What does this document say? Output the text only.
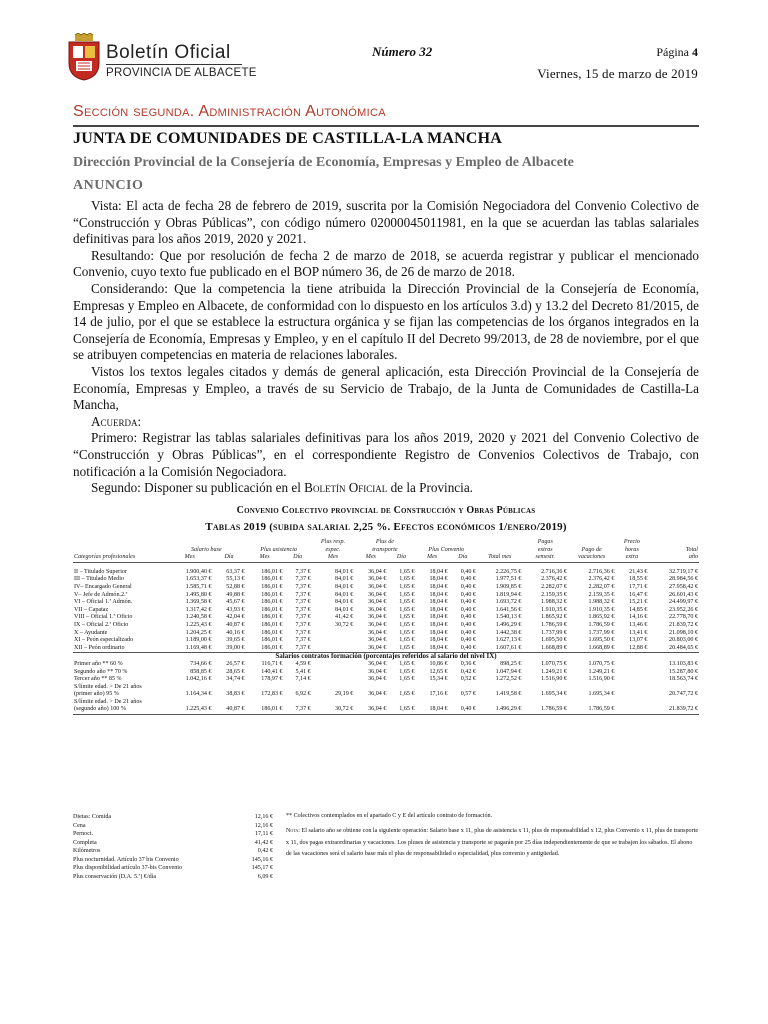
Boletín Oficial
PROVINCIA DE ALBACETE
Número 32	Página 4
Viernes, 15 de marzo de 2019
Sección segunda. Administración Autonómica
JUNTA DE COMUNIDADES DE CASTILLA-LA MANCHA
Dirección Provincial de la Consejería de Economía, Empresas y Empleo de Albacete
ANUNCIO

Vista: El acta de fecha 28 de febrero de 2019, suscrita por la Comisión Negociadora del Convenio Colectivo de “Construcción y Obras Públicas”, con código número 02000045011981, en la que se acuerdan las tablas salariales definitivas para los años 2019, 2020 y 2021.

Resultando: Que por resolución de fecha 2 de marzo de 2018, se acuerda registrar y publicar el mencionado Convenio, cuyo texto fue publicado en el BOP número 36, de 26 de marzo de 2018.

Considerando: Que la competencia la tiene atribuida la Dirección Provincial de la Consejería de Economía, Empresas y Empleo en Albacete, de conformidad con lo dispuesto en los artículos 3.d) y 13.2 del Decreto 81/2015, de 14 de julio, por el que se establece la estructura orgánica y se fijan las competencias de los órganos integrados en la Consejería de Economía, Empresas y Empleo, y en el capítulo II del Decreto 99/2013, de 28 de noviembre, por el que se atribuyen competencias en materia de relaciones laborales.

Vistos los textos legales citados y demás de general aplicación, esta Dirección Provincial de la Consejería de Economía, Empresas y Empleo, a través de su Servicio de Trabajo, de la Junta de Comunidades de Castilla-La Mancha,

Acuerda:

Primero: Registrar las tablas salariales definitivas para los años 2019, 2020 y 2021 del Convenio Colectivo de “Construcción y Obras Públicas”, en el correspondiente Registro de Convenios Colectivos de Trabajo, con notificación a la Comisión Negociadora.

Segundo: Disponer su publicación en el Boletín Oficial de la Provincia.

Convenio Colectivo provincial de Construcción y Obras Públicas
Tablas 2019 (subida salarial 2,25 %. Efectos económicos 1/enero/2019)
					Plus resp.	Plus de					Pagas		Precio	
	Salario base		Plus asistencia		espec.	transporte		Plus Convenio			extras	Pago de	horas	Total
Categorías profesionales	Mes	Día	Mes	Día	Mes	Mes	Día	Mes	Día	Total mes	semestr.	vacaciones	extra	año

II – Titulado Superior	1.900,40 €	63,37 €	186,01 €	7,37 €	84,01 €	36,04 €	1,65 €	18,04 €	0,40 €	2.226,75 €	2.716,36 €	2.716,36 €	21,43 €	32.719,17 €
III – Titulado Medio	1.653,37 €	55,13 €	186,01 €	7,37 €	84,01 €	36,04 €	1,65 €	18,04 €	0,40 €	1.977,51 €	2.376,42 €	2.376,42 €	18,55 €	28.984,56 €
IV– Encargado General	1.585,71 €	52,88 €	186,01 €	7,37 €	84,01 €	36,04 €	1,65 €	18,04 €	0,40 €	1.909,85 €	2.282,07 €	2.282,07 €	17,71 €	27.958,42 €
V– Jefe de Admón.2.ª	1.495,80 €	49,88 €	186,01 €	7,37 €	84,01 €	36,04 €	1,65 €	18,04 €	0,40 €	1.819,94 €	2.159,35 €	2.159,35 €	16,47 €	26.601,43 €
VI – Oficial 1.ª Admón.	1.369,58 €	45,67 €	186,01 €	7,37 €	84,01 €	36,04 €	1,65 €	18,04 €	0,40 €	1.693,72 €	1.988,32 €	1.988,32 €	15,21 €	24.499,97 €
VII – Capataz	1.317,42 €	43,93 €	186,01 €	7,37 €	84,01 €	36,04 €	1,65 €	18,04 €	0,40 €	1.641,56 €	1.910,35 €	1.910,35 €	14,85 €	23.952,26 €
VIII – Oficial 1.ª Oficio	1.240,58 €	42,04 €	186,01 €	7,37 €	41,42 €	36,04 €	1,65 €	18,04 €	0,40 €	1.540,13 €	1.865,92 €	1.865,92 €	14,16 €	22.778,70 €
IX – Oficial 2.ª Oficio	1.225,43 €	40,87 €	186,01 €	7,37 €	30,72 €	36,04 €	1,65 €	18,04 €	0,40 €	1.496,29 €	1.786,59 €	1.786,59 €	13,46 €	21.839,72 €
X – Ayudante	1.204,25 €	40,16 €	186,01 €	7,37 €		36,04 €	1,65 €	18,04 €	0,40 €	1.442,38 €	1.737,99 €	1.737,99 €	13,41 €	21.098,10 €
XI – Peón especializado	1.189,00 €	39,65 €	186,01 €	7,37 €		36,04 €	1,65 €	18,04 €	0,40 €	1.627,13 €	1.695,50 €	1.695,50 €	13,07 €	20.803,00 €
XII – Peón ordinario	1.169,48 €	39,00 €	186,01 €	7,37 €		36,04 €	1,65 €	18,04 €	0,40 €	1.607,61 €	1.668,89 €	1.668,89 €	12,88 €	20.484,65 €
Salarios contratos formación (porcentajes referidos al salario del nivel IX)														
Primer año ** 60 %	734,66 €	26,57 €	116,71 €	4,59 €		36,04 €	1,65 €	10,86 €	0,36 €	898,25 €	1.070,75 €	1.070,75 €		13.103,83 €
Segundo año ** 70 %	858,85 €	28,65 €	140,41 €	5,41 €		36,04 €	1,65 €	12,65 €	0,42 €	1.047,94 €	1.249,21 €	1.249,21 €		15.287,80 €
Tercer año ** 85 %	1.042,16 €	34,74 €	178,97 €	7,14 €		36,04 €	1,65 €	15,34 €	0,52 €	1.272,52 €	1.516,90 €	1.516,90 €		18.563,74 €
S/límite edad. > De 21 años														
(primer año) 95 %	1.164,34 €	38,83 €	172,83 €	6,92 €	29,19 €	36,04 €	1,65 €	17,16 €	0,57 €	1.419,58 €	1.695,34 €	1.695,34 €		20.747,72 €
S/límite edad. > De 21 años														
(segundo año) 100 %	1.225,43 €	40,87 €	186,01 €	7,37 €	30,72 €	36,04 €	1,65 €	18,04 €	0,40 €	1.496,29 €	1.786,59 €	1.786,59 €		21.839,72 €
Dietas: Comida	12,16 €
Cena	12,16 €
Pernoct.	17,11 €
Completa	41,42 €
Kilómetros	0,42 €
Plus nocturnidad. Artículo 37 bis Convenio	145,16 €
Plus disponibilidad artículo 37-bis Convenio	145,17 €
Plus conservación (D.A. 5.ª) €/día	6,09 €

** Colectivos contemplados en el apartado C y E del artículo contrato de formación.

Nota: El salario año se obtiene con la siguiente operación: Salario base x 11, plus de asistencia x 11, plus de responsabilidad x 12, plus Convenio x 11, plus de transporte x 11, dos pagas extraordinarias y vacaciones. Los pluses de asistencia y transporte se pagarán por 25 días independientemente de que se trabajen los sábados. El abono de las vacaciones será el salario base más el plus de responsabilidad o especialidad, plus convenio y antigüedad.
